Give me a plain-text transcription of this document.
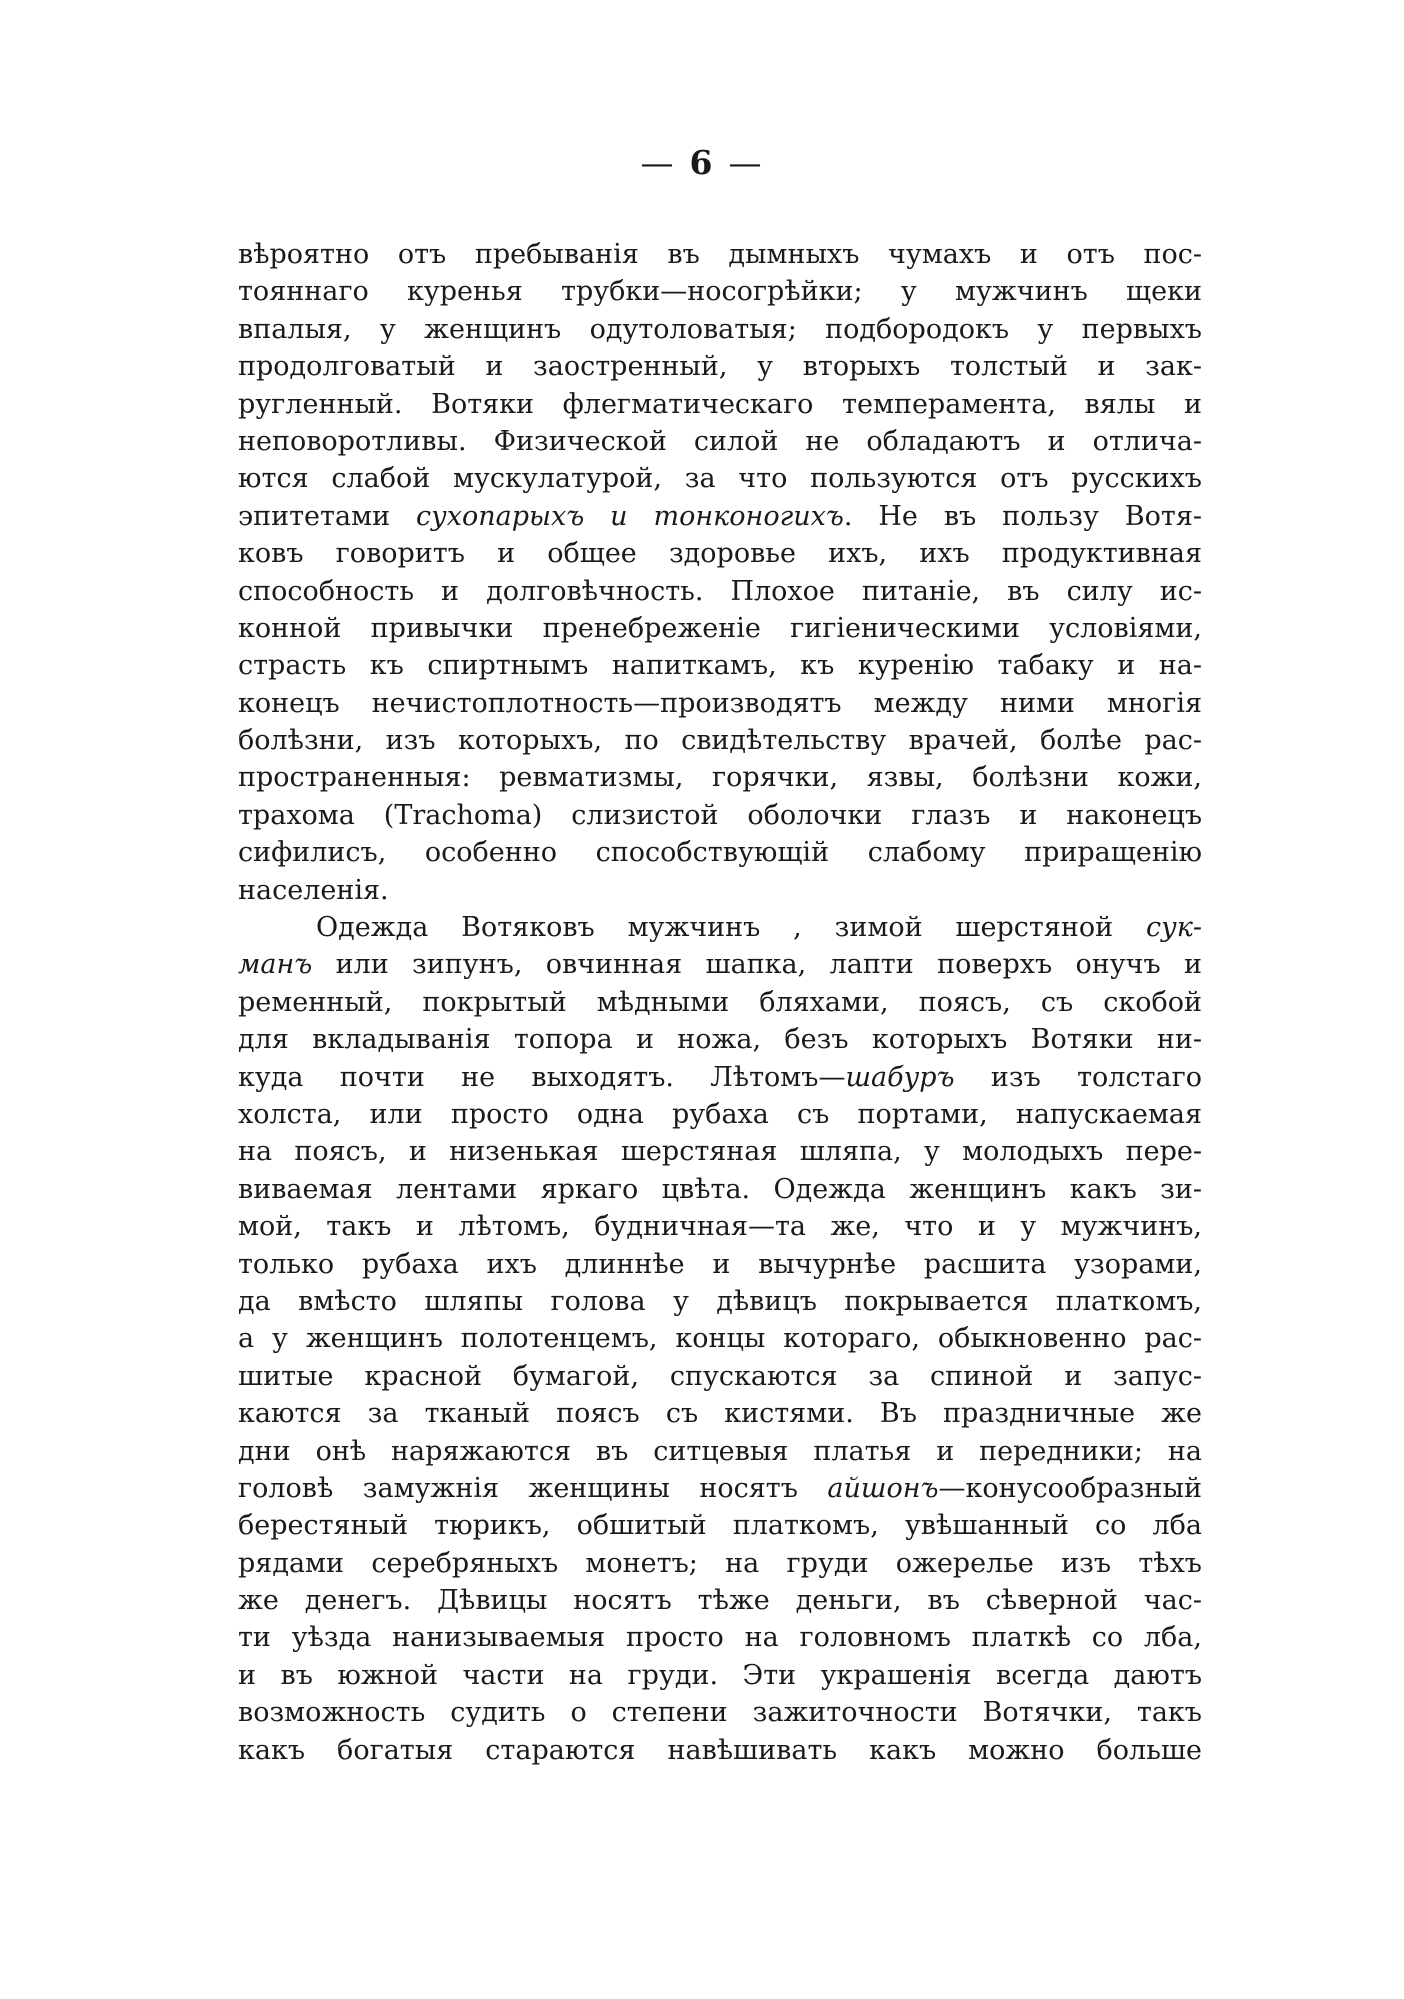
— 6 —
вѣроятно отъ пребыванія въ дымныхъ чумахъ и отъ пос-
тояннаго куренья трубки—носогрѣйки; у мужчинъ щеки
впалыя, у женщинъ одутоловатыя; подбородокъ у первыхъ
продолговатый и заостренный, у вторыхъ толстый и зак-
ругленный. Вотяки флегматическаго темперамента, вялы и
неповоротливы. Физической силой не обладаютъ и отлича-
ются слабой мускулатурой, за что пользуются отъ русскихъ
эпитетами сухопарыхъ и тонконогихъ. Не въ пользу Вотя-
ковъ говоритъ и общее здоровье ихъ, ихъ продуктивная
способность и долговѣчность. Плохое питаніе, въ силу ис-
конной привычки пренебреженіе гигіеническими условіями,
страсть къ спиртнымъ напиткамъ, къ куренію табаку и на-
конецъ нечистоплотность—производятъ между ними многія
болѣзни, изъ которыхъ, по свидѣтельству врачей, болѣе рас-
пространенныя: ревматизмы, горячки, язвы, болѣзни кожи,
трахома (Trachoma) слизистой оболочки глазъ и наконецъ
сифилисъ, особенно способствующій слабому приращенію
населенія.
Одежда Вотяковъ мужчинъ , зимой шерстяной сук-
манъ или зипунъ, овчинная шапка, лапти поверхъ онучъ и
ременный, покрытый мѣдными бляхами, поясъ, съ скобой
для вкладыванія топора и ножа, безъ которыхъ Вотяки ни-
куда почти не выходятъ. Лѣтомъ—шабуръ изъ толстаго
холста, или просто одна рубаха съ портами, напускаемая
на поясъ, и низенькая шерстяная шляпа, у молодыхъ пере-
виваемая лентами яркаго цвѣта. Одежда женщинъ какъ зи-
мой, такъ и лѣтомъ, будничная—та же, что и у мужчинъ,
только рубаха ихъ длиннѣе и вычурнѣе расшита узорами,
да вмѣсто шляпы голова у дѣвицъ покрывается платкомъ,
а у женщинъ полотенцемъ, концы котораго, обыкновенно рас-
шитые красной бумагой, спускаются за спиной и запус-
каются за тканый поясъ съ кистями. Въ праздничные же
дни онѣ наряжаются въ ситцевыя платья и передники; на
головѣ замужнія женщины носятъ айшонъ—конусообразный
берестяный тюрикъ, обшитый платкомъ, увѣшанный со лба
рядами серебряныхъ монетъ; на груди ожерелье изъ тѣхъ
же денегъ. Дѣвицы носятъ тѣже деньги, въ сѣверной час-
ти уѣзда нанизываемыя просто на головномъ платкѣ со лба,
и въ южной части на груди. Эти украшенія всегда даютъ
возможность судить о степени зажиточности Вотячки, такъ
какъ богатыя стараются навѣшивать какъ можно больше
